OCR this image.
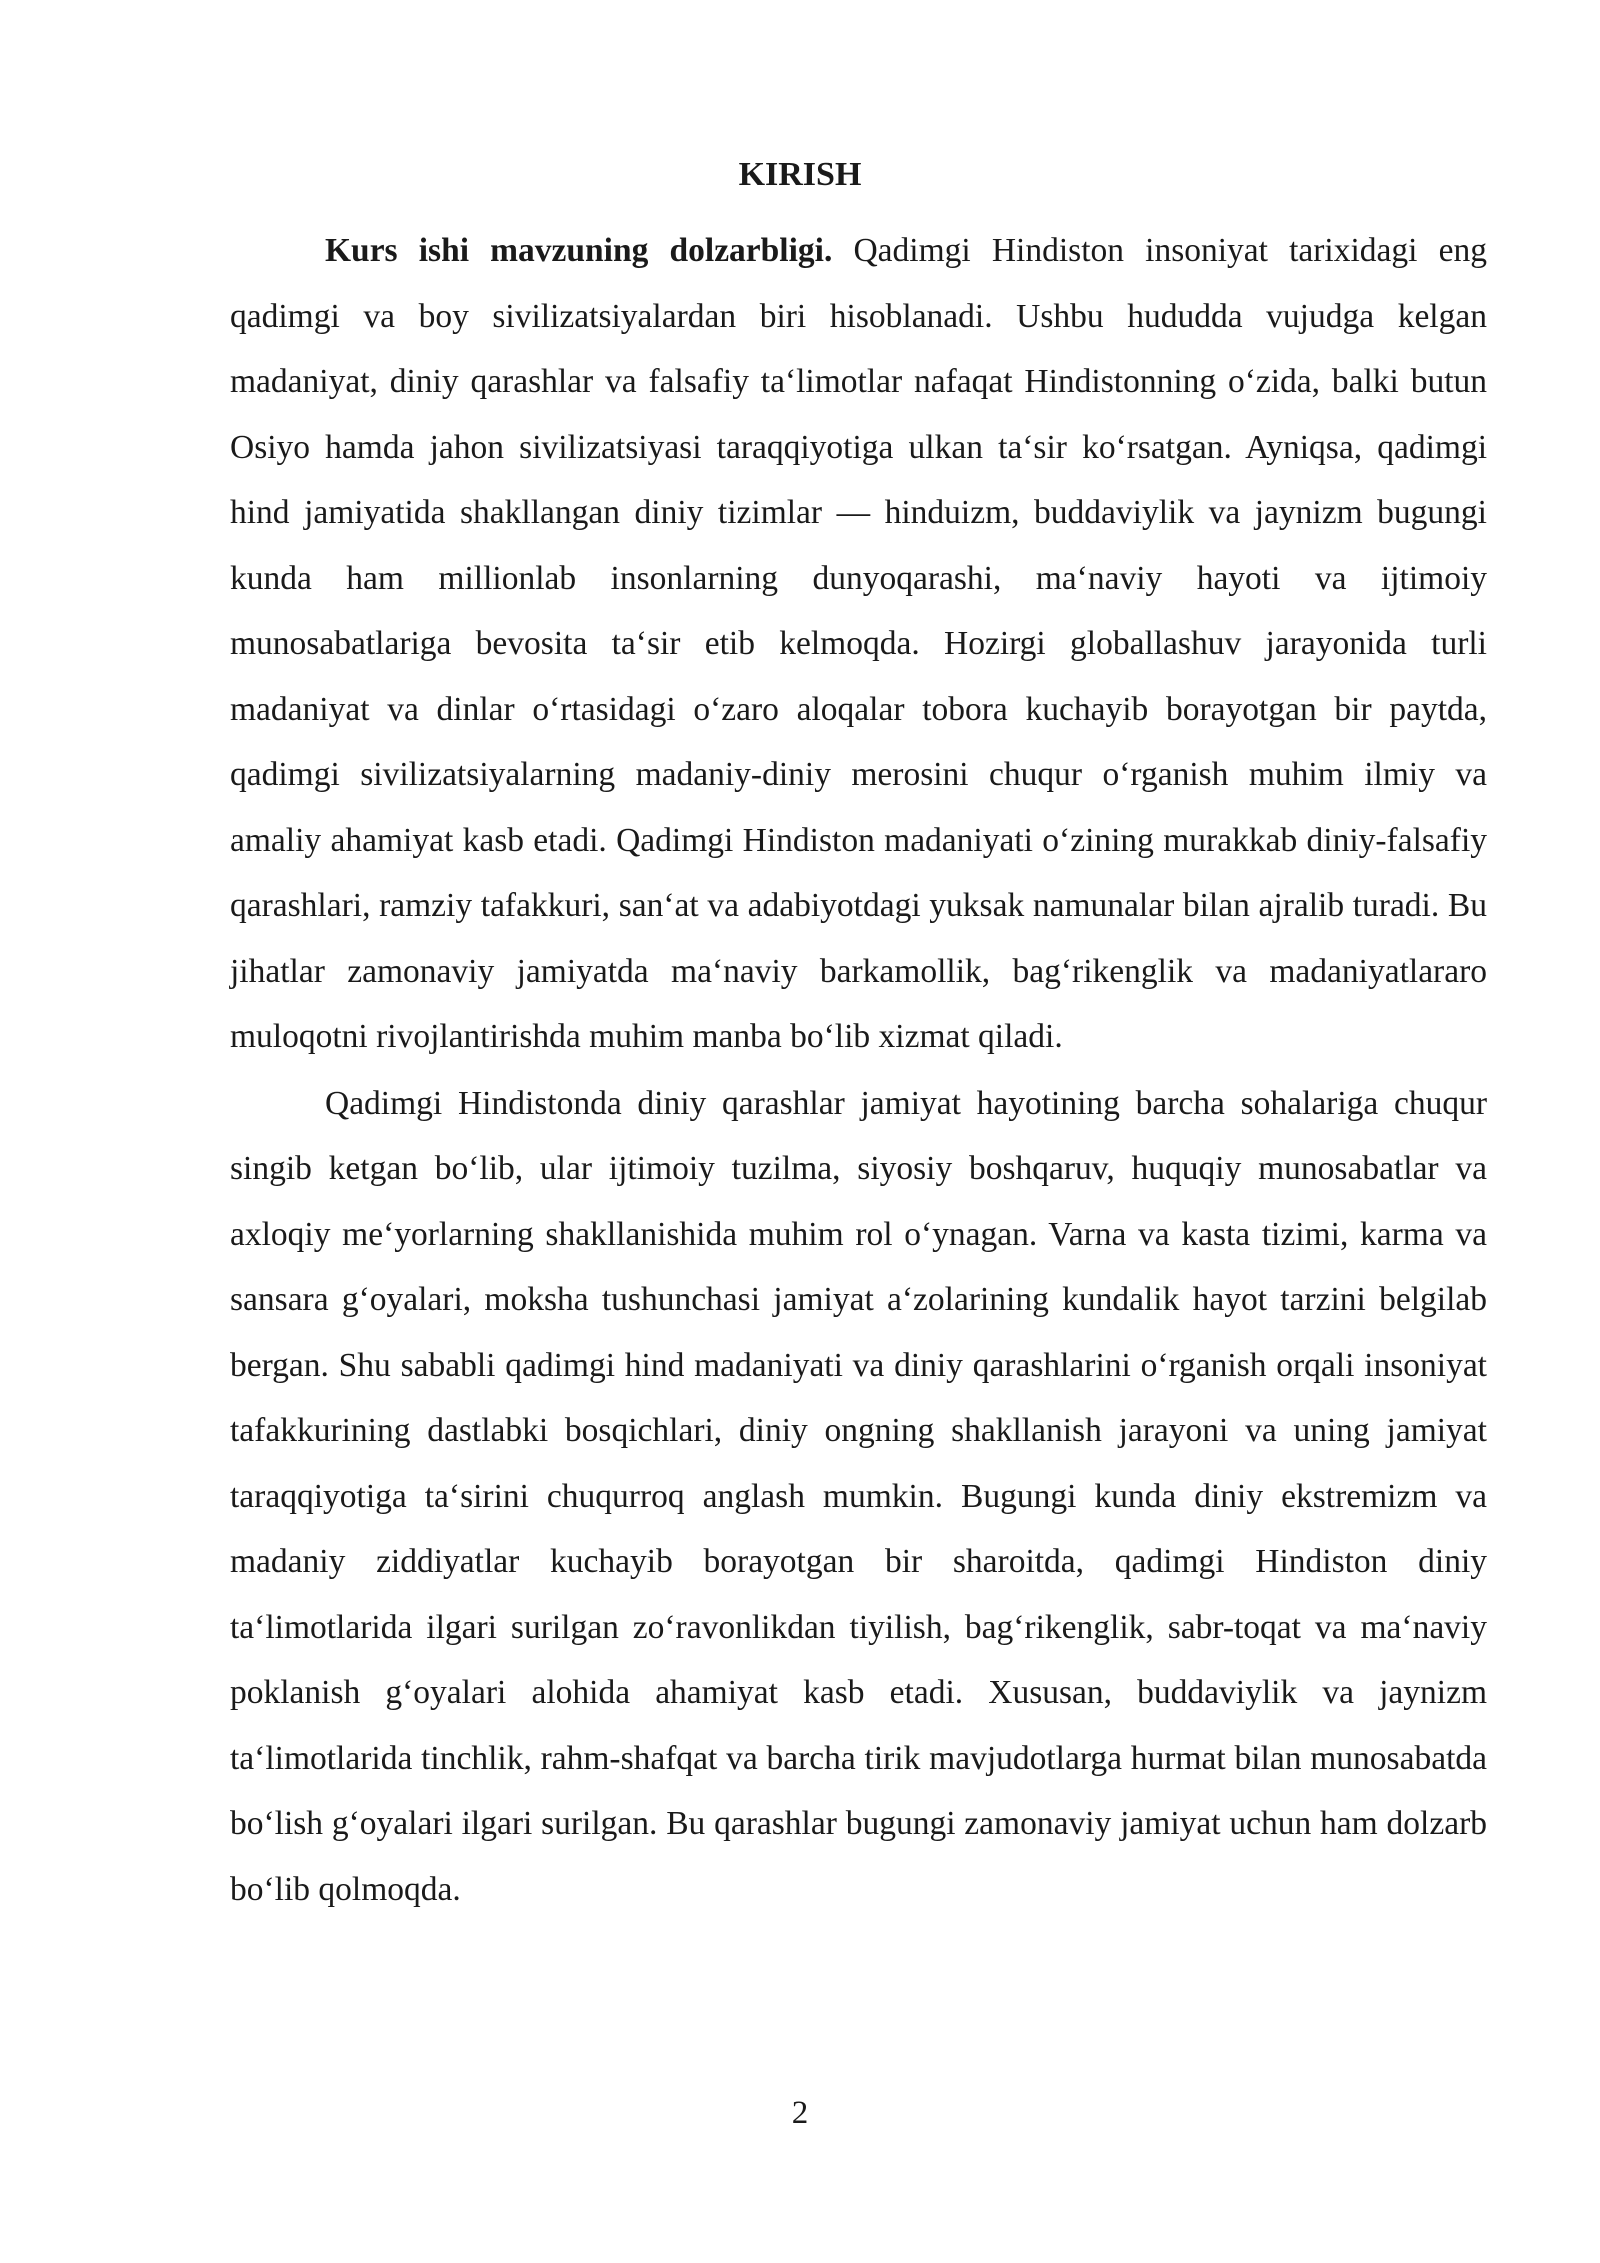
KIRISH

Kurs ishi mavzuning dolzarbligi. Qadimgi Hindiston insoniyat tarixidagi eng qadimgi va boy sivilizatsiyalardan biri hisoblanadi. Ushbu hududda vujudga kelgan madaniyat, diniy qarashlar va falsafiy ta‘limotlar nafaqat Hindistonning o‘zida, balki butun Osiyo hamda jahon sivilizatsiyasi taraqqiyotiga ulkan ta‘sir ko‘rsatgan. Ayniqsa, qadimgi hind jamiyatida shakllangan diniy tizimlar — hinduizm, buddaviylik va jaynizm bugungi kunda ham millionlab insonlarning dunyoqarashi, ma‘naviy hayoti va ijtimoiy munosabatlariga bevosita ta‘sir etib kelmoqda. Hozirgi globallashuv jarayonida turli madaniyat va dinlar o‘rtasidagi o‘zaro aloqalar tobora kuchayib borayotgan bir paytda, qadimgi sivilizatsiyalarning madaniy-diniy merosini chuqur o‘rganish muhim ilmiy va amaliy ahamiyat kasb etadi. Qadimgi Hindiston madaniyati o‘zining murakkab diniy-falsafiy qarashlari, ramziy tafakkuri, san‘at va adabiyotdagi yuksak namunalar bilan ajralib turadi. Bu jihatlar zamonaviy jamiyatda ma‘naviy barkamollik, bag‘rikenglik va madaniyatlararo muloqotni rivojlantirishda muhim manba bo‘lib xizmat qiladi.

Qadimgi Hindistonda diniy qarashlar jamiyat hayotining barcha sohalariga chuqur singib ketgan bo‘lib, ular ijtimoiy tuzilma, siyosiy boshqaruv, huquqiy munosabatlar va axloqiy me‘yorlarning shakllanishida muhim rol o‘ynagan. Varna va kasta tizimi, karma va sansara g‘oyalari, moksha tushunchasi jamiyat a‘zolarining kundalik hayot tarzini belgilab bergan. Shu sababli qadimgi hind madaniyati va diniy qarashlarini o‘rganish orqali insoniyat tafakkurining dastlabki bosqichlari, diniy ongning shakllanish jarayoni va uning jamiyat taraqqiyotiga ta‘sirini chuqurroq anglash mumkin. Bugungi kunda diniy ekstremizm va madaniy ziddiyatlar kuchayib borayotgan bir sharoitda, qadimgi Hindiston diniy ta‘limotlarida ilgari surilgan zo‘ravonlikdan tiyilish, bag‘rikenglik, sabr-toqat va ma‘naviy poklanish g‘oyalari alohida ahamiyat kasb etadi. Xususan, buddaviylik va jaynizm ta‘limotlarida tinchlik, rahm-shafqat va barcha tirik mavjudotlarga hurmat bilan munosabatda bo‘lish g‘oyalari ilgari surilgan. Bu qarashlar bugungi zamonaviy jamiyat uchun ham dolzarb bo‘lib qolmoqda.

2
